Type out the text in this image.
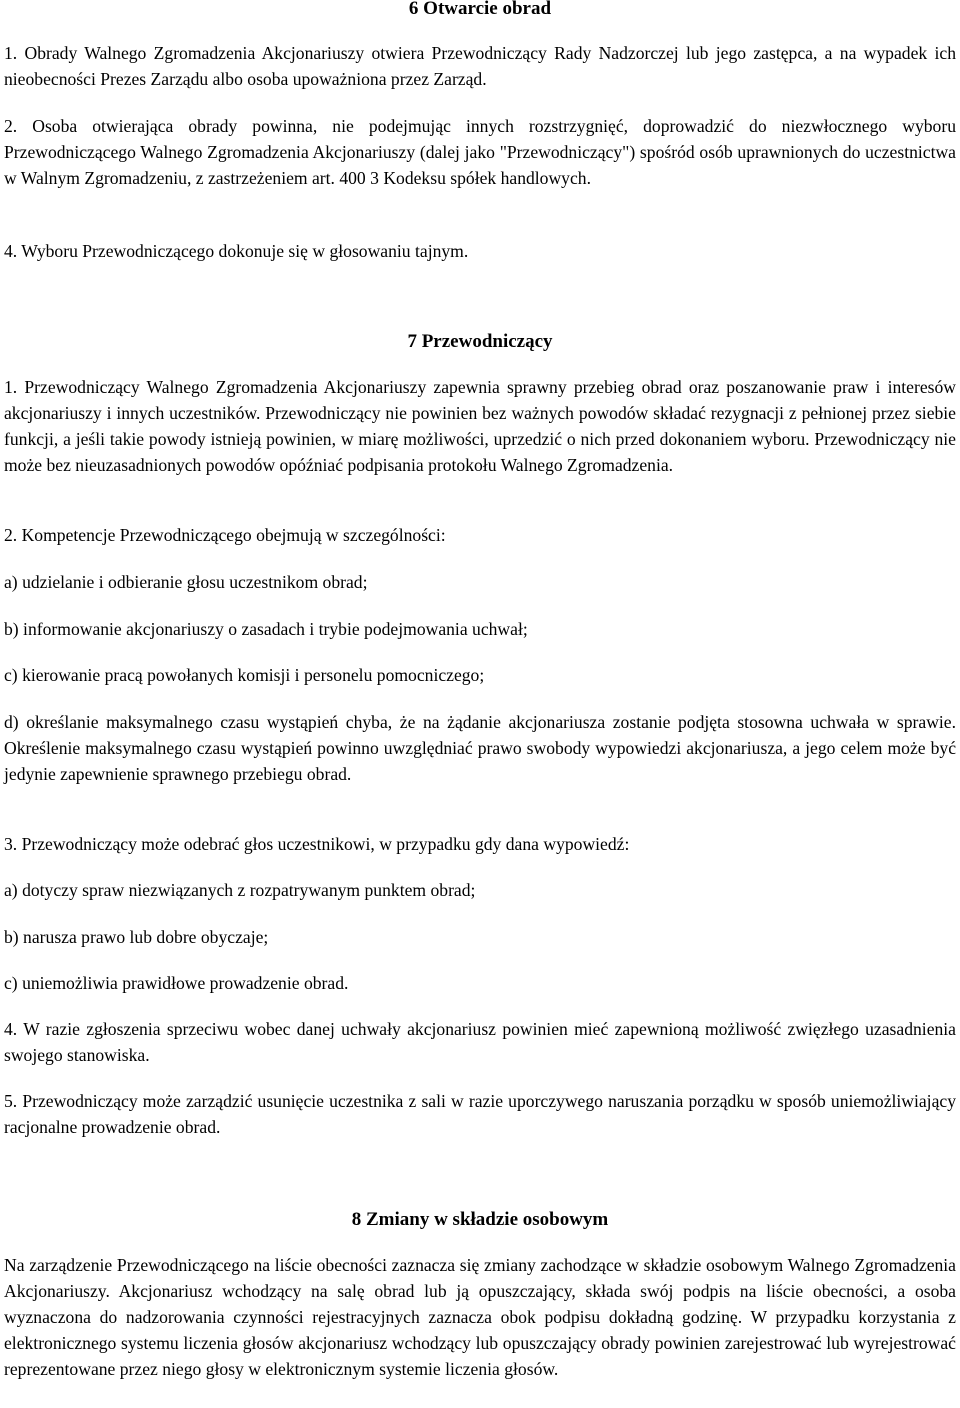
6 Otwarcie obrad

1. Obrady Walnego Zgromadzenia Akcjonariuszy otwiera Przewodniczący Rady Nadzorczej lub jego zastępca, a na wypadek ich nieobecności Prezes Zarządu albo osoba upoważniona przez Zarząd.

2. Osoba otwierająca obrady powinna, nie podejmując innych rozstrzygnięć, doprowadzić do niezwłocznego wyboru Przewodniczącego Walnego Zgromadzenia Akcjonariuszy (dalej jako "Przewodniczący") spośród osób uprawnionych do uczestnictwa w Walnym Zgromadzeniu, z zastrzeżeniem art. 400 3 Kodeksu spółek handlowych.

4. Wyboru Przewodniczącego dokonuje się w głosowaniu tajnym.

7 Przewodniczący

1. Przewodniczący Walnego Zgromadzenia Akcjonariuszy zapewnia sprawny przebieg obrad oraz poszanowanie praw i interesów akcjonariuszy i innych uczestników. Przewodniczący nie powinien bez ważnych powodów składać rezygnacji z pełnionej przez siebie funkcji, a jeśli takie powody istnieją powinien, w miarę możliwości, uprzedzić o nich przed dokonaniem wyboru. Przewodniczący nie może bez nieuzasadnionych powodów opóźniać podpisania protokołu Walnego Zgromadzenia.

2. Kompetencje Przewodniczącego obejmują w szczególności:

a) udzielanie i odbieranie głosu uczestnikom obrad;

b) informowanie akcjonariuszy o zasadach i trybie podejmowania uchwał;

c) kierowanie pracą powołanych komisji i personelu pomocniczego;

d) określanie maksymalnego czasu wystąpień chyba, że na żądanie akcjonariusza zostanie podjęta stosowna uchwała w sprawie. Określenie maksymalnego czasu wystąpień powinno uwzględniać prawo swobody wypowiedzi akcjonariusza, a jego celem może być jedynie zapewnienie sprawnego przebiegu obrad.

3. Przewodniczący może odebrać głos uczestnikowi, w przypadku gdy dana wypowiedź:

a) dotyczy spraw niezwiązanych z rozpatrywanym punktem obrad;

b) narusza prawo lub dobre obyczaje;

c) uniemożliwia prawidłowe prowadzenie obrad.

4. W razie zgłoszenia sprzeciwu wobec danej uchwały akcjonariusz powinien mieć zapewnioną możliwość zwięzłego uzasadnienia swojego stanowiska.

5. Przewodniczący może zarządzić usunięcie uczestnika z sali w razie uporczywego naruszania porządku w sposób uniemożliwiający racjonalne prowadzenie obrad.

8 Zmiany w składzie osobowym

Na zarządzenie Przewodniczącego na liście obecności zaznacza się zmiany zachodzące w składzie osobowym Walnego Zgromadzenia Akcjonariuszy. Akcjonariusz wchodzący na salę obrad lub ją opuszczający, składa swój podpis na liście obecności, a osoba wyznaczona do nadzorowania czynności rejestracyjnych zaznacza obok podpisu dokładną godzinę. W przypadku korzystania z elektronicznego systemu liczenia głosów akcjonariusz wchodzący lub opuszczający obrady powinien zarejestrować lub wyrejestrować reprezentowane przez niego głosy w elektronicznym systemie liczenia głosów.
